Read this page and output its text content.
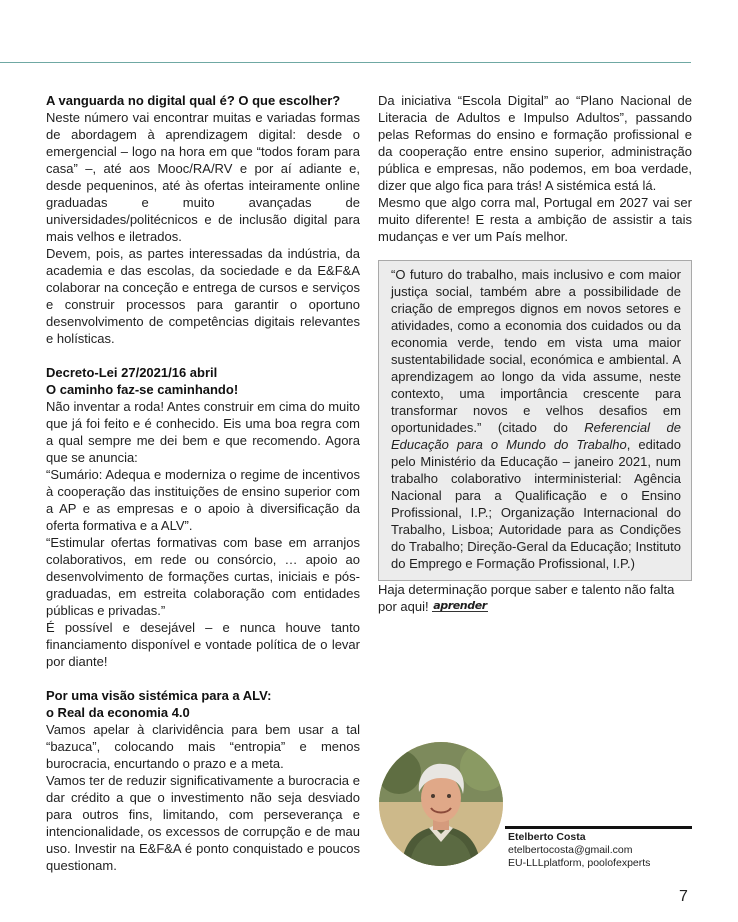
A vanguarda no digital qual é? O que escolher?

Neste número vai encontrar muitas e variadas formas de abordagem à aprendizagem digital: desde o emergencial – logo na hora em que “todos foram para casa” –, até aos Mooc/RA/RV e por aí adiante e, desde pequeninos, até às ofertas inteiramente online graduadas e muito avançadas de universidades/politécnicos e de inclusão digital para mais velhos e iletrados.

Devem, pois, as partes interessadas da indústria, da academia e das escolas, da sociedade e da E&F&A colaborar na conceção e entrega de cursos e serviços e construir processos para garantir o oportuno desenvolvimento de competências digitais relevantes e holísticas.

Decreto-Lei 27/2021/16 abril

O caminho faz-se caminhando!

Não inventar a roda! Antes construir em cima do muito que já foi feito e é conhecido. Eis uma boa regra com a qual sempre me dei bem e que recomendo. Agora que se anuncia:

“Sumário: Adequa e moderniza o regime de incentivos à cooperação das instituições de ensino superior com a AP e as empresas e o apoio à diversificação da oferta formativa e a ALV”.

“Estimular ofertas formativas com base em arranjos colaborativos, em rede ou consórcio, … apoio ao desenvolvimento de formações curtas, iniciais e pós-graduadas, em estreita colaboração com entidades públicas e privadas.”

É possível e desejável – e nunca houve tanto financiamento disponível e vontade política de o levar por diante!

Por uma visão sistémica para a ALV:

o Real da economia 4.0

Vamos apelar à clarividência para bem usar a tal “bazuca”, colocando mais “entropia” e menos burocracia, encurtando o prazo e a meta.

Vamos ter de reduzir significativamente a burocracia e dar crédito a que o investimento não seja desviado para outros fins, limitando, com perseverança e intencionalidade, os excessos de corrupção e de mau uso. Investir na E&F&A é ponto conquistado e poucos questionam.

Da iniciativa “Escola Digital” ao “Plano Nacional de Literacia de Adultos e Impulso Adultos”, passando pelas Reformas do ensino e formação profissional e da cooperação entre ensino superior, administração pública e empresas, não podemos, em boa verdade, dizer que algo fica para trás! A sistémica está lá.

Mesmo que algo corra mal, Portugal em 2027 vai ser muito diferente! E resta a ambição de assistir a tais mudanças e ver um País melhor.

“O futuro do trabalho, mais inclusivo e com maior justiça social, também abre a possibilidade de criação de empregos dignos em novos setores e atividades, como a economia dos cuidados ou da economia verde, tendo em vista uma maior sustentabilidade social, económica e ambiental. A aprendizagem ao longo da vida assume, neste contexto, uma importância crescente para transformar novos e velhos desafios em oportunidades.” (citado do Referencial de Educação para o Mundo do Trabalho, editado pelo Ministério da Educação – janeiro 2021, num trabalho colaborativo interministerial: Agência Nacional para a Qualificação e o Ensino Profissional, I.P.; Organização Internacional do Trabalho, Lisboa; Autoridade para as Condições do Trabalho; Direção-Geral da Educação; Instituto do Emprego e Formação Profissional, I.P.)

Haja determinação porque saber e talento não falta por aqui! aprender

Etelberto Costa
etelbertocosta@gmail.com
EU-LLLplatform, poolofexperts
7
